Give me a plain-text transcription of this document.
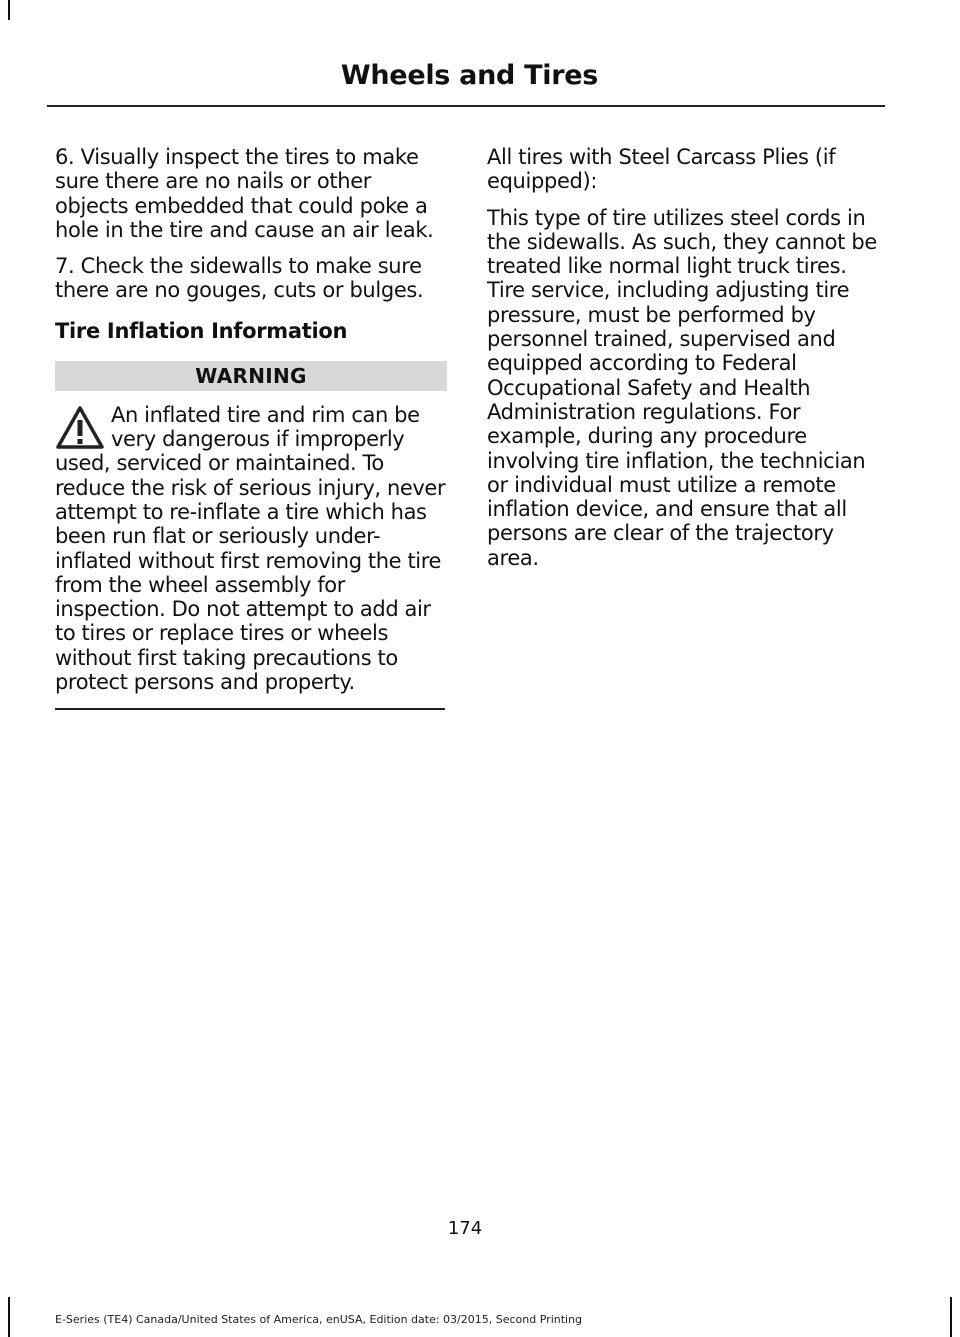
Wheels and Tires

6. Visually inspect the tires to make sure there are no nails or other objects embedded that could poke a hole in the tire and cause an air leak.

7. Check the sidewalls to make sure there are no gouges, cuts or bulges.

Tire Inflation Information
WARNING

An inflated tire and rim can be very dangerous if improperly used, serviced or maintained. To reduce the risk of serious injury, never attempt to re-inflate a tire which has been run flat or seriously under-inflated without first removing the tire from the wheel assembly for inspection. Do not attempt to add air to tires or replace tires or wheels without first taking precautions to protect persons and property.

All tires with Steel Carcass Plies (if equipped):

This type of tire utilizes steel cords in the sidewalls. As such, they cannot be treated like normal light truck tires. Tire service, including adjusting tire pressure, must be performed by personnel trained, supervised and equipped according to Federal Occupational Safety and Health Administration regulations. For example, during any procedure involving tire inflation, the technician or individual must utilize a remote inflation device, and ensure that all persons are clear of the trajectory area.

174
E-Series (TE4) Canada/United States of America, enUSA, Edition date: 03/2015, Second Printing
